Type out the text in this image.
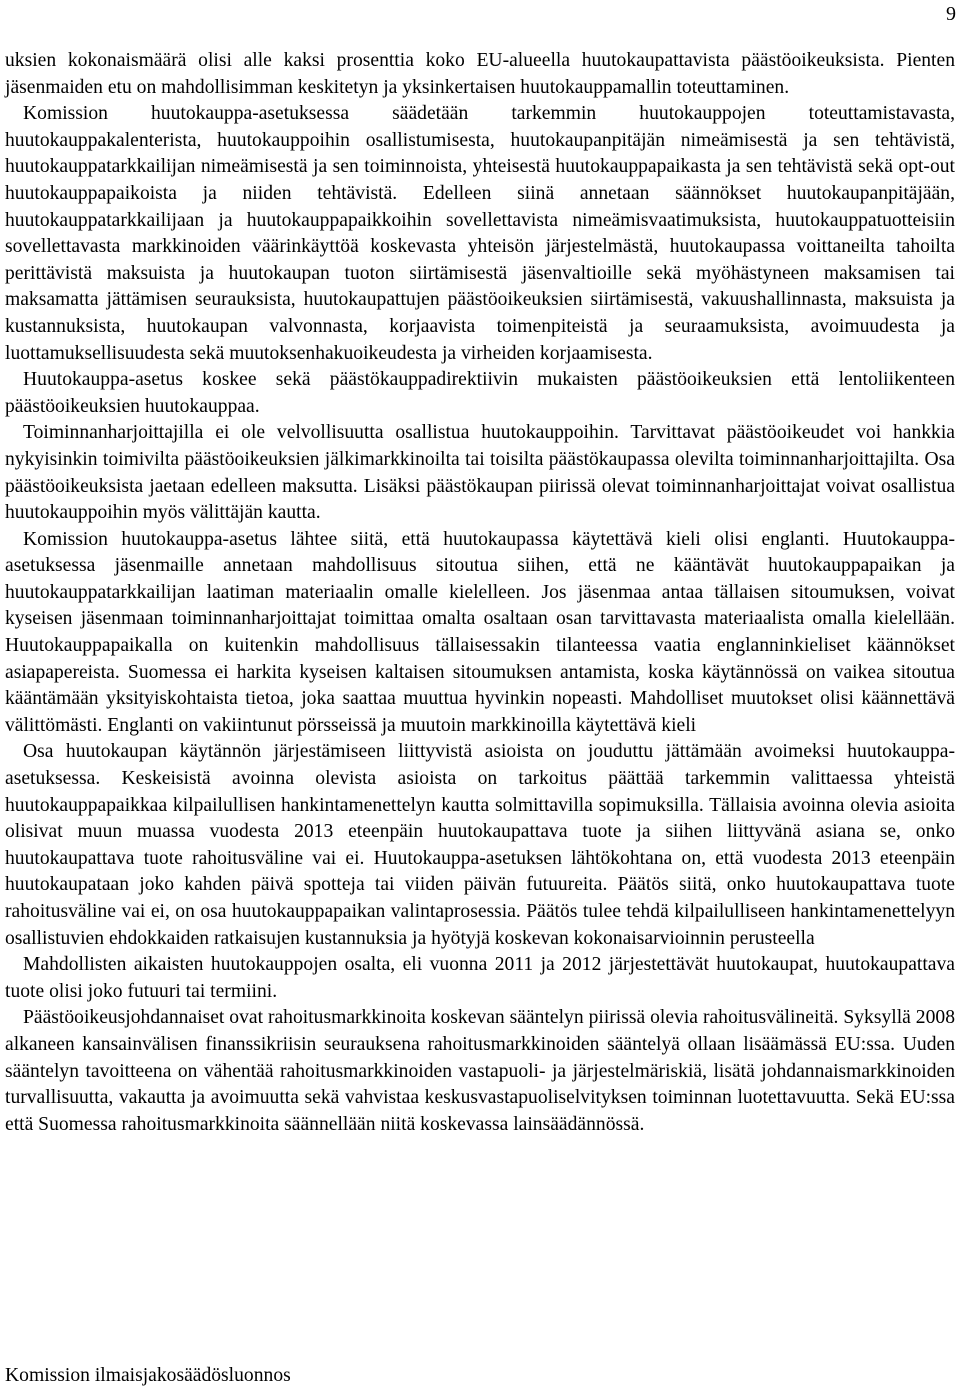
9

uksien kokonaismäärä olisi alle kaksi prosenttia koko EU-alueella huutokaupattavista päästöoikeuksista. Pienten jäsenmaiden etu on mahdollisimman keskitetyn ja yksinkertaisen huutokauppamallin toteuttaminen.

Komission huutokauppa-asetuksessa säädetään tarkemmin huutokauppojen toteuttamistavasta, huutokauppakalenterista, huutokauppoihin osallistumisesta, huutokaupanpitäjän nimeämisestä ja sen tehtävistä, huutokauppatarkkailijan nimeämisestä ja sen toiminnoista, yhteisestä huutokauppapaikasta ja sen tehtävistä sekä opt-out huutokauppapaikoista ja niiden tehtävistä. Edelleen siinä annetaan säännökset huutokaupanpitäjään, huutokauppatarkkailijaan ja huutokauppapaikkoihin sovellettavista nimeämisvaatimuksista, huutokauppatuotteisiin sovellettavasta markkinoiden väärinkäyttöä koskevasta yhteisön järjestelmästä, huutokaupassa voittaneilta tahoilta perittävistä maksuista ja huutokaupan tuoton siirtämisestä jäsenvaltioille sekä myöhästyneen maksamisen tai maksamatta jättämisen seurauksista, huutokaupattujen päästöoikeuksien siirtämisestä, vakuushallinnasta, maksuista ja kustannuksista, huutokaupan valvonnasta, korjaavista toimenpiteistä ja seuraamuksista, avoimuudesta ja luottamuksellisuudesta sekä muutoksenhakuoikeudesta ja virheiden korjaamisesta.

Huutokauppa-asetus koskee sekä päästökauppadirektiivin mukaisten päästöoikeuksien että lentoliikenteen päästöoikeuksien huutokauppaa.

Toiminnanharjoittajilla ei ole velvollisuutta osallistua huutokauppoihin. Tarvittavat päästöoikeudet voi hankkia nykyisinkin toimivilta päästöoikeuksien jälkimarkkinoilta tai toisilta päästökaupassa olevilta toiminnanharjoittajilta. Osa päästöoikeuksista jaetaan edelleen maksutta. Lisäksi päästökaupan piirissä olevat toiminnanharjoittajat voivat osallistua huutokauppoihin myös välittäjän kautta.

Komission huutokauppa-asetus lähtee siitä, että huutokaupassa käytettävä kieli olisi englanti. Huutokauppa-asetuksessa jäsenmaille annetaan mahdollisuus sitoutua siihen, että ne kääntävät huutokauppapaikan ja huutokauppatarkkailijan laatiman materiaalin omalle kielelleen. Jos jäsenmaa antaa tällaisen sitoumuksen, voivat kyseisen jäsenmaan toiminnanharjoittajat toimittaa omalta osaltaan osan tarvittavasta materiaalista omalla kielellään. Huutokauppapaikalla on kuitenkin mahdollisuus tällaisessakin tilanteessa vaatia englanninkieliset käännökset asiapapereista. Suomessa ei harkita kyseisen kaltaisen sitoumuksen antamista, koska käytännössä on vaikea sitoutua kääntämään yksityiskohtaista tietoa, joka saattaa muuttua hyvinkin nopeasti. Mahdolliset muutokset olisi käännettävä välittömästi. Englanti on vakiintunut pörsseissä ja muutoin markkinoilla käytettävä kieli

Osa huutokaupan käytännön järjestämiseen liittyvistä asioista on jouduttu jättämään avoimeksi huutokauppa-asetuksessa. Keskeisistä avoinna olevista asioista on tarkoitus päättää tarkemmin valittaessa yhteistä huutokauppapaikkaa kilpailullisen hankintamenettelyn kautta solmittavilla sopimuksilla. Tällaisia avoinna olevia asioita olisivat muun muassa vuodesta 2013 eteenpäin huutokaupattava tuote ja siihen liittyvänä asiana se, onko huutokaupattava tuote rahoitusväline vai ei. Huutokauppa-asetuksen lähtökohtana on, että vuodesta 2013 eteenpäin huutokaupataan joko kahden päivä spotteja tai viiden päivän futuureita. Päätös siitä, onko huutokaupattava tuote rahoitusväline vai ei, on osa huutokauppapaikan valintaprosessia. Päätös tulee tehdä kilpailulliseen hankintamenettelyyn osallistuvien ehdokkaiden ratkaisujen kustannuksia ja hyötyjä koskevan kokonaisarvioinnin perusteella

Mahdollisten aikaisten huutokauppojen osalta, eli vuonna 2011 ja 2012 järjestettävät huutokaupat, huutokaupattava tuote olisi joko futuuri tai termiini.

Päästöoikeusjohdannaiset ovat rahoitusmarkkinoita koskevan sääntelyn piirissä olevia rahoitusvälineitä. Syksyllä 2008 alkaneen kansainvälisen finanssikriisin seurauksena rahoitusmarkkinoiden sääntelyä ollaan lisäämässä EU:ssa. Uuden sääntelyn tavoitteena on vähentää rahoitusmarkkinoiden vastapuoli- ja järjestelmäriskiä, lisätä johdannaismarkkinoiden turvallisuutta, vakautta ja avoimuutta sekä vahvistaa keskusvastapuoliselvityksen toiminnan luotettavuutta. Sekä EU:ssa että Suomessa rahoitusmarkkinoita säännellään niitä koskevassa lainsäädännössä.

Komission ilmaisjakosäädösluonnos
